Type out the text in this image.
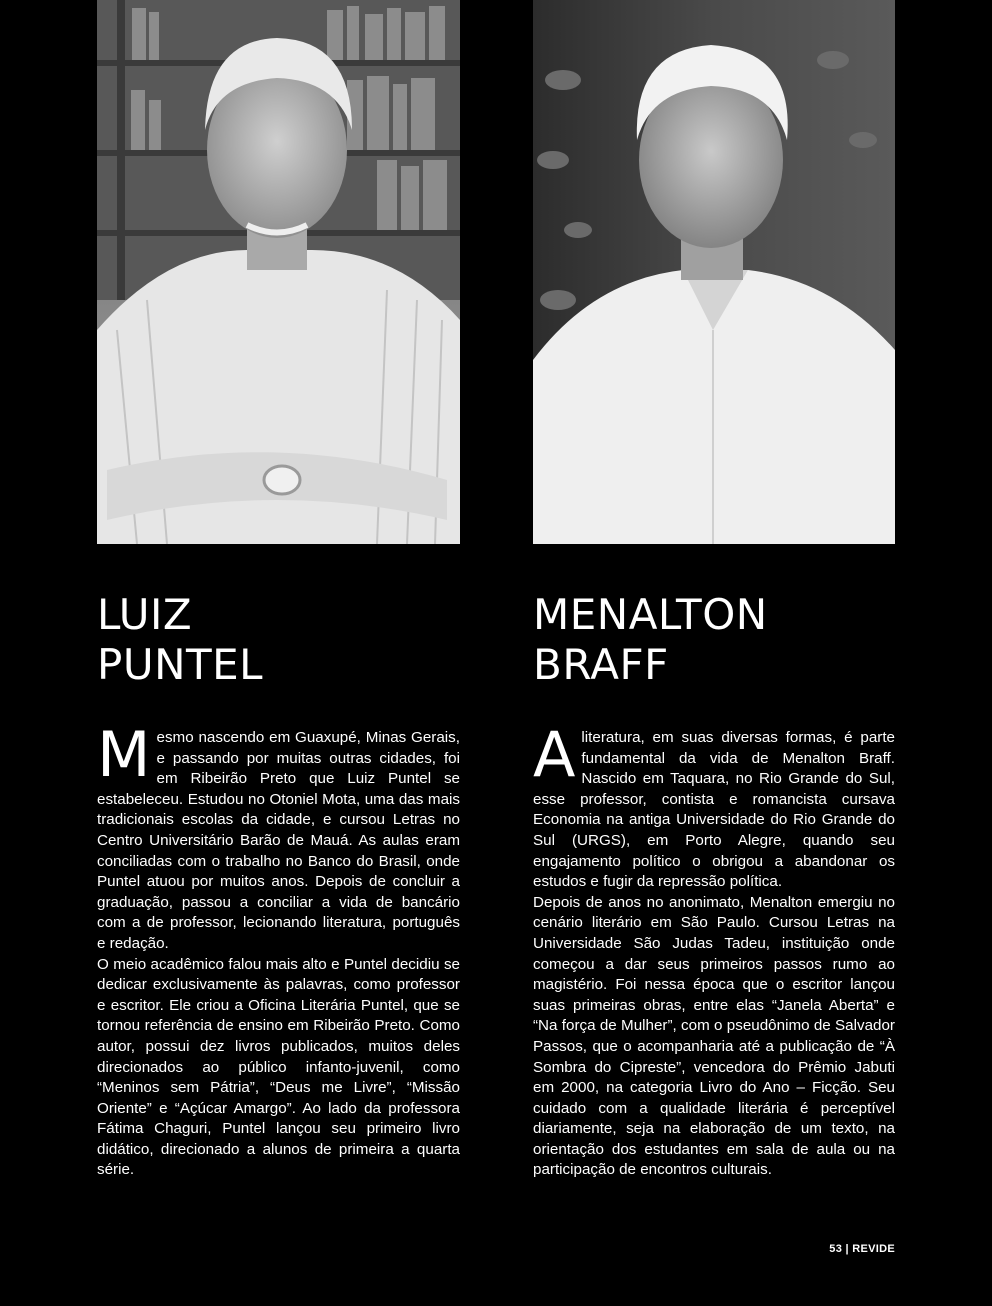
LUIZ
PUNTEL
MENALTON
BRAFF

Mesmo nascendo em Guaxupé, Minas Gerais, e passando por muitas outras cidades, foi em Ribeirão Preto que Luiz Puntel se estabeleceu. Estudou no Otoniel Mota, uma das mais tradicionais escolas da cidade, e cursou Letras no Centro Universitário Barão de Mauá. As aulas eram conciliadas com o trabalho no Banco do Brasil, onde Puntel atuou por muitos anos. Depois de concluir a graduação, passou a conciliar a vida de bancário com a de professor, lecionando literatura, português e redação.

O meio acadêmico falou mais alto e Puntel decidiu se dedicar exclusivamente às palavras, como professor e escritor. Ele criou a Oficina Literária Puntel, que se tornou referência de ensino em Ribeirão Preto. Como autor, possui dez livros publicados, muitos deles direcionados ao público infanto-juvenil, como “Meninos sem Pátria”, “Deus me Livre”, “Missão Oriente” e “Açúcar Amargo”. Ao lado da professora Fátima Chaguri, Puntel lançou seu primeiro livro didático, direcionado a alunos de primeira a quarta série.

Aliteratura, em suas diversas formas, é parte fundamental da vida de Menalton Braff. Nascido em Taquara, no Rio Grande do Sul, esse professor, contista e romancista cursava Economia na antiga Universidade do Rio Grande do Sul (URGS), em Porto Alegre, quando seu engajamento político o obrigou a abandonar os estudos e fugir da repressão política.

Depois de anos no anonimato, Menalton emergiu no cenário literário em São Paulo. Cursou Letras na Universidade São Judas Tadeu, instituição onde começou a dar seus primeiros passos rumo ao magistério. Foi nessa época que o escritor lançou suas primeiras obras, entre elas “Janela Aberta” e “Na força de Mulher”, com o pseudônimo de Salvador Passos, que o acompanharia até a publicação de “À Sombra do Cipreste”, vencedora do Prêmio Jabuti em 2000, na categoria Livro do Ano – Ficção. Seu cuidado com a qualidade literária é perceptível diariamente, seja na elaboração de um texto, na orientação dos estudantes em sala de aula ou na participação de encontros culturais.

53 | REVIDE
